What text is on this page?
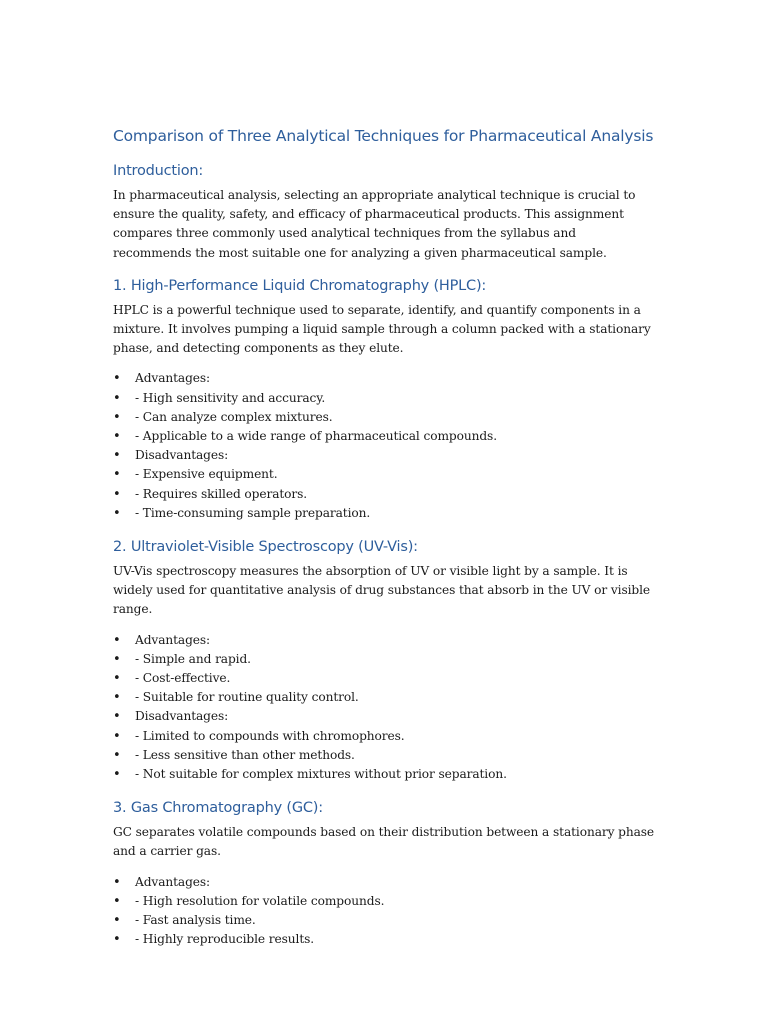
Comparison of Three Analytical Techniques for Pharmaceutical Analysis
Introduction:

In pharmaceutical analysis, selecting an appropriate analytical technique is crucial to ensure the quality, safety, and efficacy of pharmaceutical products. This assignment compares three commonly used analytical techniques from the syllabus and recommends the most suitable one for analyzing a given pharmaceutical sample.

1. High-Performance Liquid Chromatography (HPLC):

HPLC is a powerful technique used to separate, identify, and quantify components in a mixture. It involves pumping a liquid sample through a column packed with a stationary phase, and detecting components as they elute.

• Advantages:
• - High sensitivity and accuracy.
• - Can analyze complex mixtures.
• - Applicable to a wide range of pharmaceutical compounds.
• Disadvantages:
• - Expensive equipment.
• - Requires skilled operators.
• - Time-consuming sample preparation.
2. Ultraviolet-Visible Spectroscopy (UV-Vis):

UV-Vis spectroscopy measures the absorption of UV or visible light by a sample. It is widely used for quantitative analysis of drug substances that absorb in the UV or visible range.

• Advantages:
• - Simple and rapid.
• - Cost-effective.
• - Suitable for routine quality control.
• Disadvantages:
• - Limited to compounds with chromophores.
• - Less sensitive than other methods.
• - Not suitable for complex mixtures without prior separation.
3. Gas Chromatography (GC):

GC separates volatile compounds based on their distribution between a stationary phase and a carrier gas.

• Advantages:
• - High resolution for volatile compounds.
• - Fast analysis time.
• - Highly reproducible results.
